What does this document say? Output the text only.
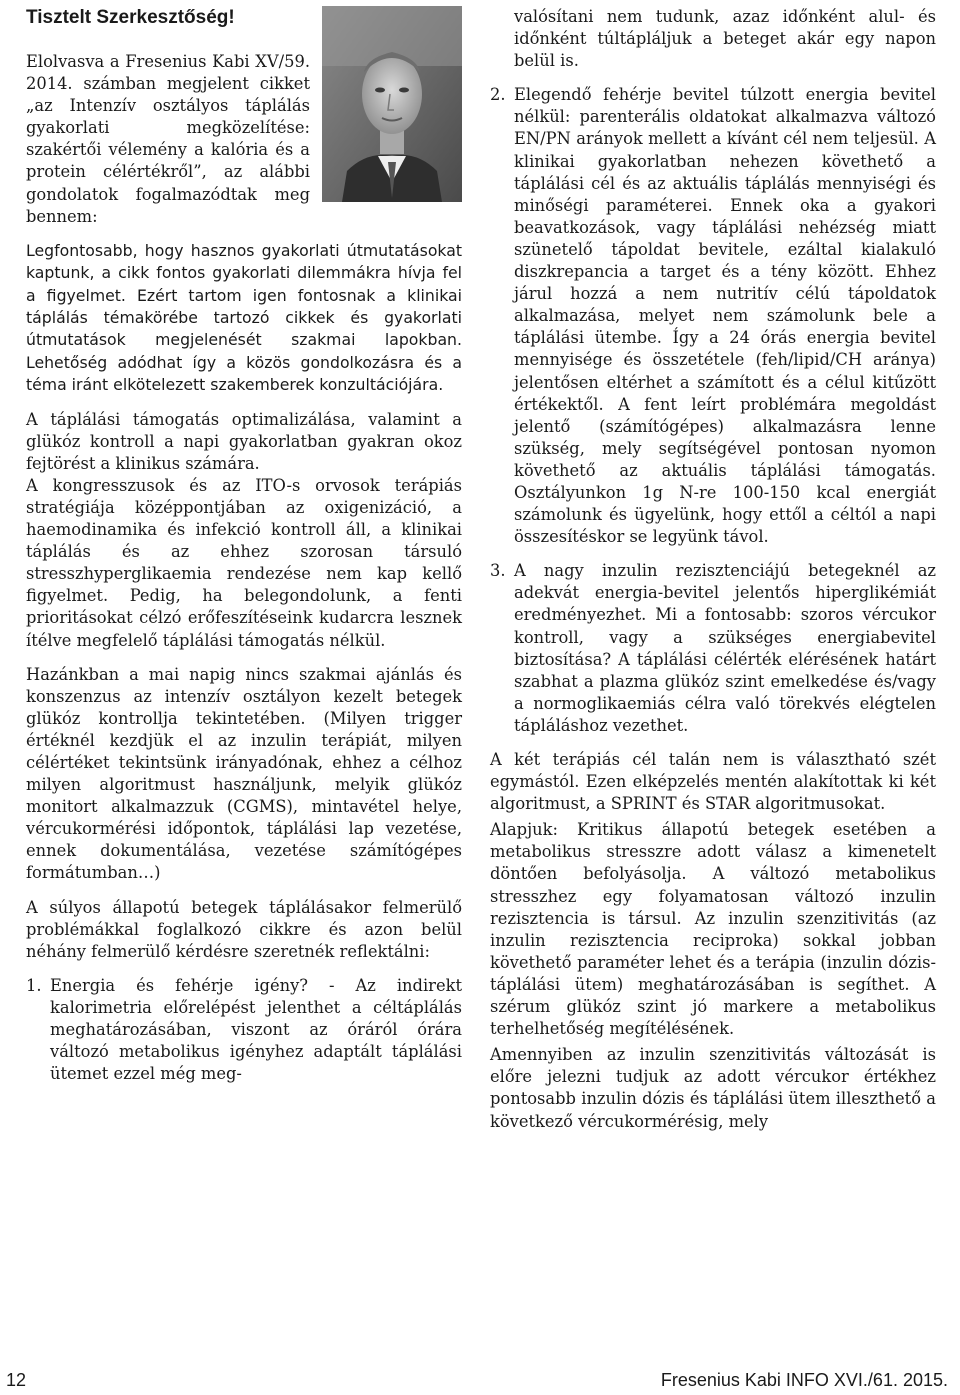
Tisztelt Szerkesztőség!

Elolvasva a Fresenius Kabi XV/59. 2014. számban megjelent cikket „az Intenzív osztályos táplálás gyakorlati megközelítése: szakértői vélemény a kalória és a protein célértékről”, az alábbi gondolatok fogalmazódtak meg bennem:

Legfontosabb, hogy hasznos gyakorlati útmutatásokat kaptunk, a cikk fontos gyakorlati dilemmákra hívja fel a figyelmet. Ezért tartom igen fontosnak a klinikai táplálás témakörébe tartozó cikkek és gyakorlati útmutatások megjelenését szakmai lapokban. Lehetőség adódhat így a közös gondolkozásra és a téma iránt elkötelezett szakemberek konzultációjára.

A táplálási támogatás optimalizálása, valamint a glükóz kontroll a napi gyakorlatban gyakran okoz fejtörést a klinikus számára.

A kongresszusok és az ITO-s orvosok terápiás stratégiája középpontjában az oxigenizáció, a haemodinamika és infekció kontroll áll, a klinikai táplálás és az ehhez szorosan társuló stresszhyperglikaemia rendezése nem kap kellő figyelmet. Pedig, ha belegondolunk, a fenti prioritásokat célzó erőfeszítéseink kudarcra lesznek ítélve megfelelő táplálási támogatás nélkül.

Hazánkban a mai napig nincs szakmai ajánlás és konszenzus az intenzív osztályon kezelt betegek glükóz kontrollja tekintetében. (Milyen trigger értéknél kezdjük el az inzulin terápiát, milyen célértéket tekintsünk irányadónak, ehhez a célhoz milyen algoritmust használjunk, melyik glükóz monitort alkalmazzuk (CGMS), mintavétel helye, vércukormérési időpontok, táplálási lap vezetése, ennek dokumentálása, vezetése számítógépes formátumban…)

A súlyos állapotú betegek táplálásakor felmerülő problémákkal foglalkozó cikkre és azon belül néhány felmerülő kérdésre szeretnék reflektálni:

1. Energia és fehérje igény? - Az indirekt kalorimetria előrelépést jelenthet a céltáplálás meghatározásában, viszont az óráról órára változó metabolikus igényhez adaptált táplálási ütemet ezzel még meg-

valósítani nem tudunk, azaz időnként alul- és időnként túltápláljuk a beteget akár egy napon belül is.

2. Elegendő fehérje bevitel túlzott energia bevitel nélkül: parenterális oldatokat alkalmazva változó EN/PN arányok mellett a kívánt cél nem teljesül. A klinikai gyakorlatban nehezen követhető a táplálási cél és az aktuális táplálás mennyiségi és minőségi paraméterei. Ennek oka a gyakori beavatkozások, vagy táplálási nehézség miatt szünetelő tápoldat bevitele, ezáltal kialakuló diszkrepancia a target és a tény között. Ehhez járul hozzá a nem nutritív célú tápoldatok alkalmazása, melyet nem számolunk bele a táplálási ütembe. Így a 24 órás energia bevitel mennyisége és összetétele (feh/lipid/CH aránya) jelentősen eltérhet a számított és a célul kitűzött értékektől. A fent leírt problémára megoldást jelentő (számítógépes) alkalmazásra lenne szükség, mely segítségével pontosan nyomon követhető az aktuális táplálási támogatás. Osztályunkon 1g N-re 100-150 kcal energiát számolunk és ügyelünk, hogy ettől a céltól a napi összesítéskor se legyünk távol.
3. A nagy inzulin rezisztenciájú betegeknél az adekvát energia-bevitel jelentős hiperglikémiát eredményezhet. Mi a fontosabb: szoros vércukor kontroll, vagy a szükséges energiabevitel biztosítása? A táplálási célérték elérésének határt szabhat a plazma glükóz szint emelkedése és/vagy a normoglikaemiás célra való törekvés elégtelen tápláláshoz vezethet.

A két terápiás cél talán nem is választható szét egymástól. Ezen elképzelés mentén alakítottak ki két algoritmust, a SPRINT és STAR algoritmusokat.

Alapjuk: Kritikus állapotú betegek esetében a metabolikus stresszre adott válasz a kimenetelt döntően befolyásolja. A változó metabolikus stresszhez egy folyamatosan változó inzulin rezisztencia is társul. Az inzulin szenzitivitás (az inzulin rezisztencia reciproka) sokkal jobban követhető paraméter lehet és a terápia (inzulin dózis-táplálási ütem) meghatározásában is segíthet. A szérum glükóz szint jó markere a metabolikus terhelhetőség megítélésének.

Amennyiben az inzulin szenzitivitás változását is előre jelezni tudjuk az adott vércukor értékhez pontosabb inzulin dózis és táplálási ütem illeszthető a következő vércukormérésig, mely

12	Fresenius Kabi INFO XVI./61. 2015.
